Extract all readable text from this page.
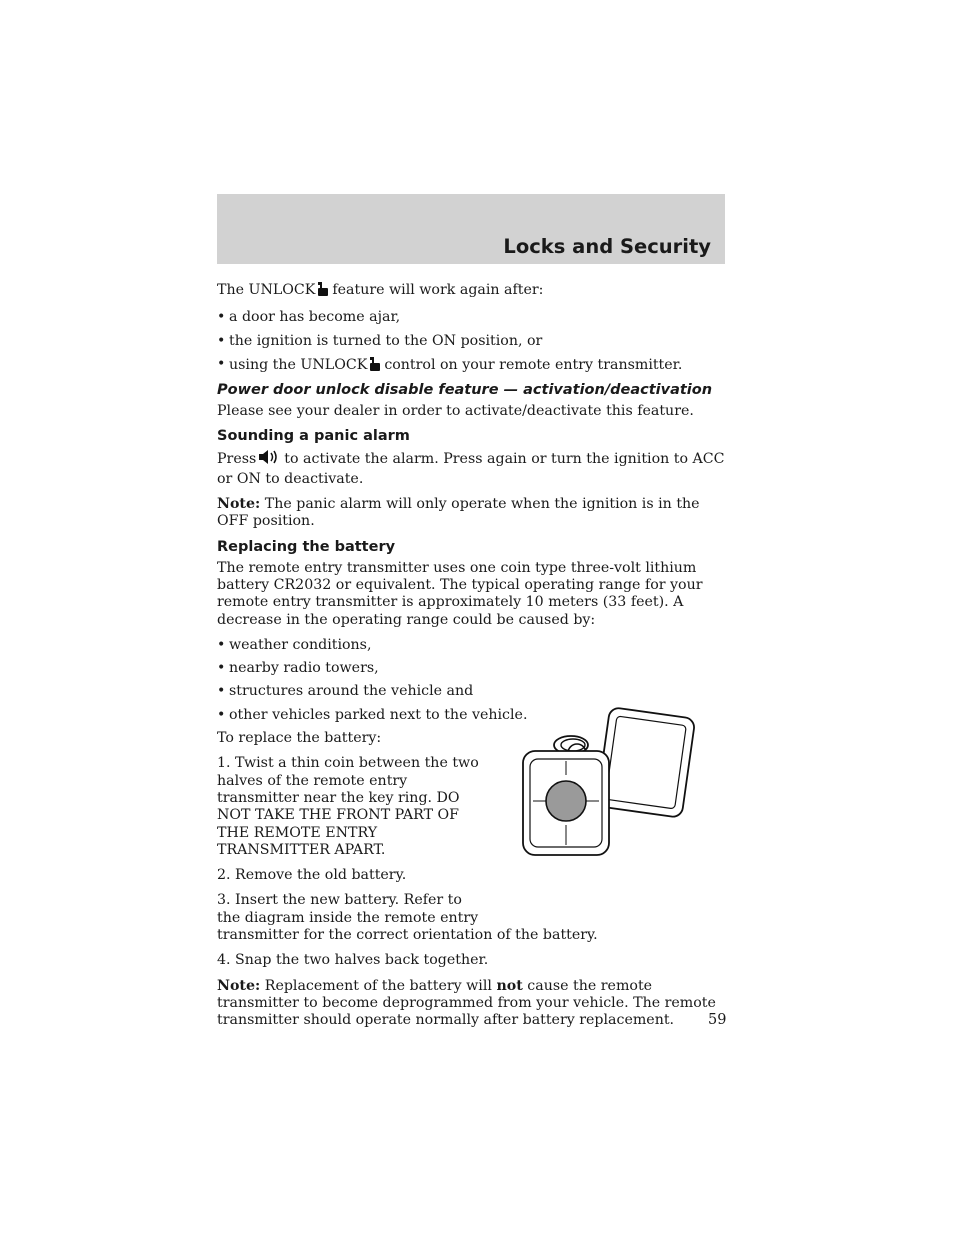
Locks and Security

The UNLOCK feature will work again after:

• a door has become ajar,
• the ignition is turned to the ON position, or
• using the UNLOCK control on your remote entry transmitter.
Power door unlock disable feature — activation/deactivation

Please see your dealer in order to activate/deactivate this feature.

Sounding a panic alarm

Press to activate the alarm. Press again or turn the ignition to ACC or ON to deactivate.

Note: The panic alarm will only operate when the ignition is in the OFF position.

Replacing the battery

The remote entry transmitter uses one coin type three-volt lithium battery CR2032 or equivalent. The typical operating range for your remote entry transmitter is approximately 10 meters (33 feet). A decrease in the operating range could be caused by:

• weather conditions,
• nearby radio towers,
• structures around the vehicle and
• other vehicles parked next to the vehicle.

To replace the battery:

1. Twist a thin coin between the two halves of the remote entry transmitter near the key ring. DO NOT TAKE THE FRONT PART OF THE REMOTE ENTRY TRANSMITTER APART.

2. Remove the old battery.

3. Insert the new battery. Refer to the diagram inside the remote entry

transmitter for the correct orientation of the battery.

4. Snap the two halves back together.

Note: Replacement of the battery will not cause the remote transmitter to become deprogrammed from your vehicle. The remote transmitter should operate normally after battery replacement.	59
